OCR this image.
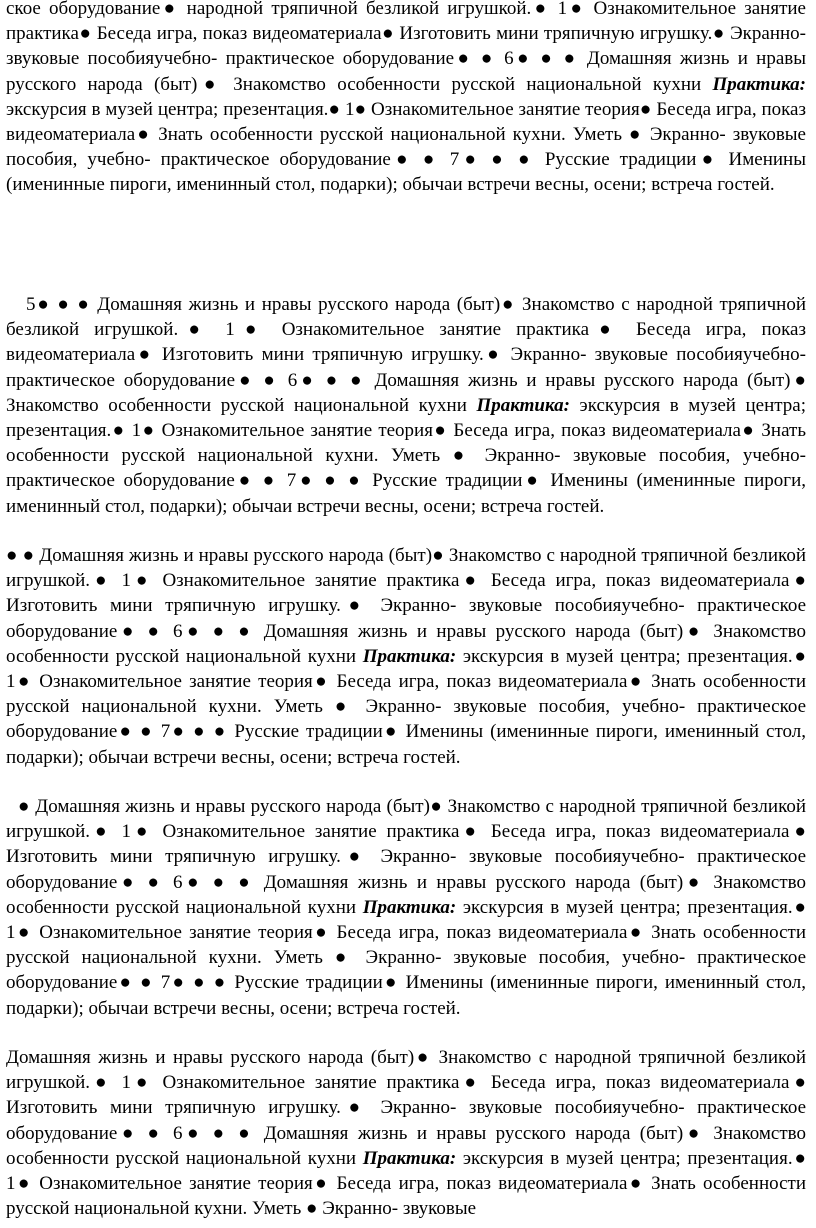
ское оборудование● народной тряпичной безликой игрушкой.● 1● Ознакомительное занятие практика● Беседа игра, показ видеоматериала● Изготовить мини тряпичную игрушку.● Экранно- звуковые пособияучебно- практическое оборудование● ● 6● ● ● Домашняя жизнь и нравы русского народа (быт)● Знакомство особенности русской национальной кухни Практика: экскурсия в музей центра; презентация.● 1● Ознакомительное занятие теория● Беседа игра, показ видеоматериала● Знать особенности русской национальной кухни. Уметь ● Экранно- звуковые пособия, учебно- практическое оборудование● ● 7● ● ● Русские традиции● Именины (именинные пироги, именинный стол, подарки); обычаи встречи весны, осени; встреча гостей.

5● ● ● Домашняя жизнь и нравы русского народа (быт)● Знакомство с народной тряпичной безликой игрушкой.● 1● Ознакомительное занятие практика● Беседа игра, показ видеоматериала● Изготовить мини тряпичную игрушку.● Экранно- звуковые пособияучебно- практическое оборудование● ● 6● ● ● Домашняя жизнь и нравы русского народа (быт)● Знакомство особенности русской национальной кухни Практика: экскурсия в музей центра; презентация.● 1● Ознакомительное занятие теория● Беседа игра, показ видеоматериала● Знать особенности русской национальной кухни. Уметь ● Экранно- звуковые пособия, учебно- практическое оборудование● ● 7● ● ● Русские традиции● Именины (именинные пироги, именинный стол, подарки); обычаи встречи весны, осени; встреча гостей.

● ● Домашняя жизнь и нравы русского народа (быт)● Знакомство с народной тряпичной безликой игрушкой.● 1● Ознакомительное занятие практика● Беседа игра, показ видеоматериала● Изготовить мини тряпичную игрушку.● Экранно- звуковые пособияучебно- практическое оборудование● ● 6● ● ● Домашняя жизнь и нравы русского народа (быт)● Знакомство особенности русской национальной кухни Практика: экскурсия в музей центра; презентация.● 1● Ознакомительное занятие теория● Беседа игра, показ видеоматериала● Знать особенности русской национальной кухни. Уметь ● Экранно- звуковые пособия, учебно- практическое оборудование● ● 7● ● ● Русские традиции● Именины (именинные пироги, именинный стол, подарки); обычаи встречи весны, осени; встреча гостей.

● Домашняя жизнь и нравы русского народа (быт)● Знакомство с народной тряпичной безликой игрушкой.● 1● Ознакомительное занятие практика● Беседа игра, показ видеоматериала● Изготовить мини тряпичную игрушку.● Экранно- звуковые пособияучебно- практическое оборудование● ● 6● ● ● Домашняя жизнь и нравы русского народа (быт)● Знакомство особенности русской национальной кухни Практика: экскурсия в музей центра; презентация.● 1● Ознакомительное занятие теория● Беседа игра, показ видеоматериала● Знать особенности русской национальной кухни. Уметь ● Экранно- звуковые пособия, учебно- практическое оборудование● ● 7● ● ● Русские традиции● Именины (именинные пироги, именинный стол, подарки); обычаи встречи весны, осени; встреча гостей.

Домашняя жизнь и нравы русского народа (быт)● Знакомство с народной тряпичной безликой игрушкой.● 1● Ознакомительное занятие практика● Беседа игра, показ видеоматериала● Изготовить мини тряпичную игрушку.● Экранно- звуковые пособияучебно- практическое оборудование● ● 6● ● ● Домашняя жизнь и нравы русского народа (быт)● Знакомство особенности русской национальной кухни Практика: экскурсия в музей центра; презентация.● 1● Ознакомительное занятие теория● Беседа игра, показ видеоматериала● Знать особенности русской национальной кухни. Уметь ● Экранно- звуковые
